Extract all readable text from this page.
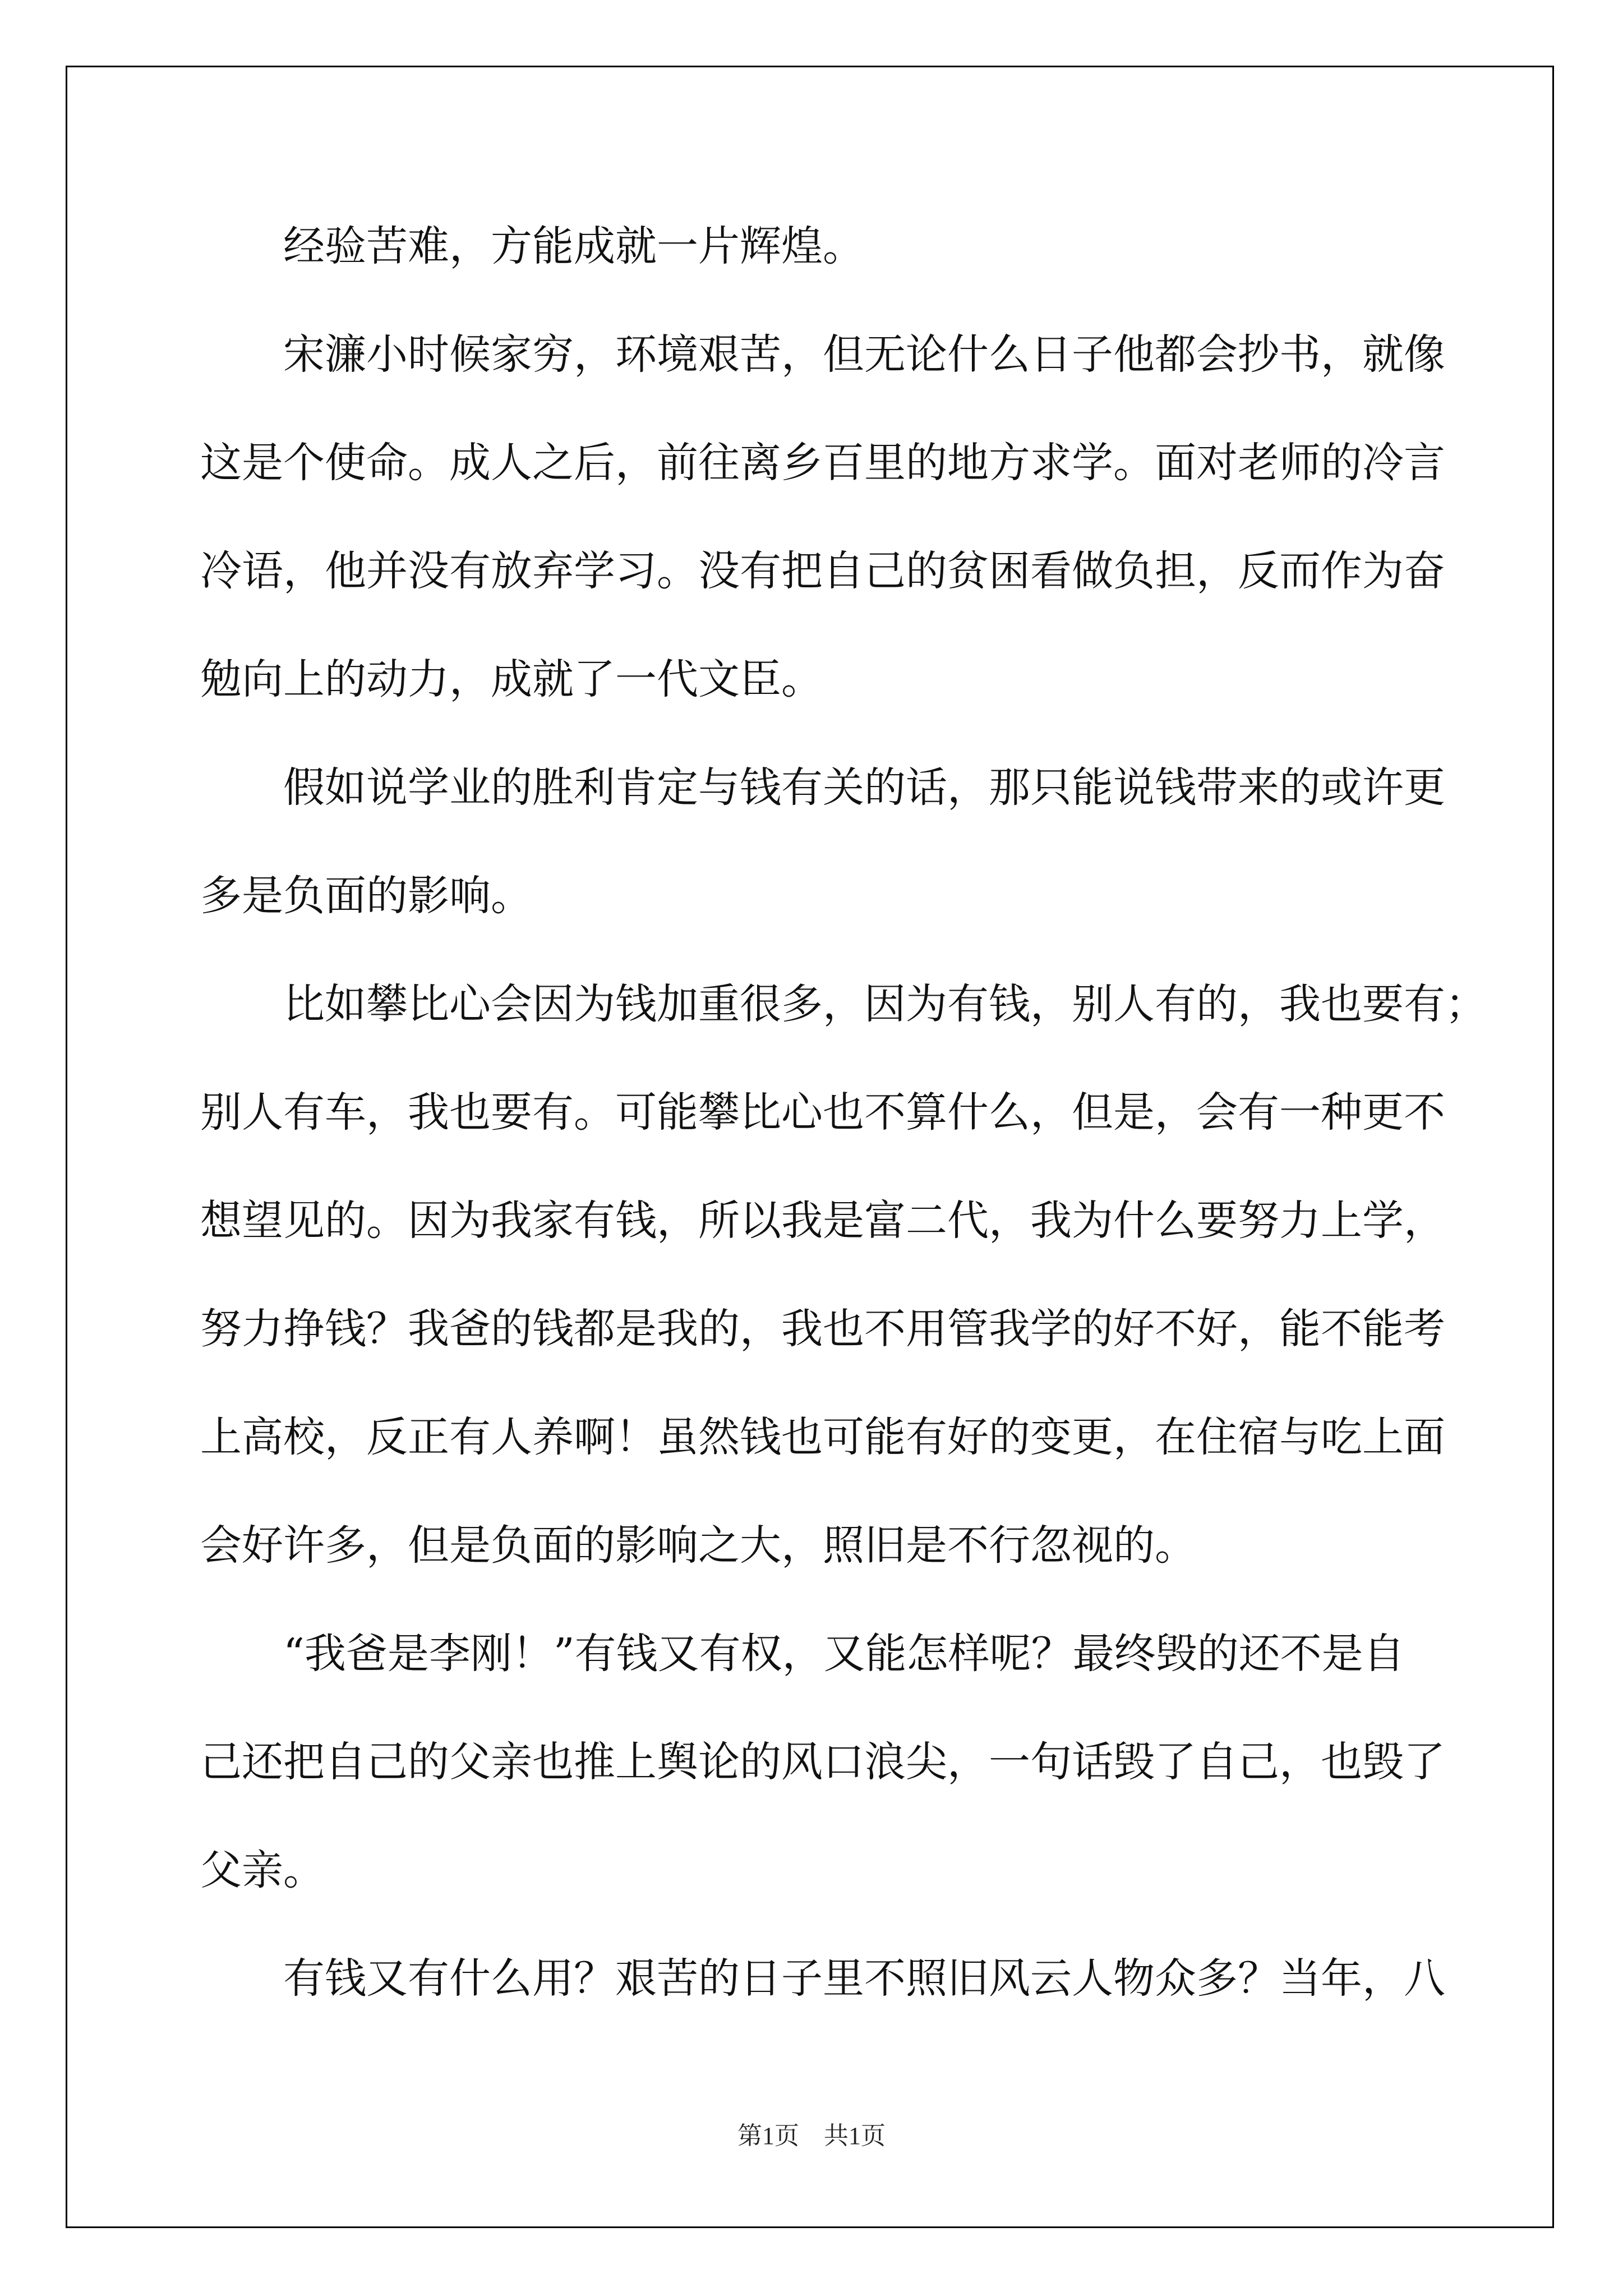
　　经验苦难，方能成就一片辉煌。
　　宋濂小时候家穷，环境艰苦，但无论什么日子他都会抄书，就像
这是个使命。成人之后，前往离乡百里的地方求学。面对老师的冷言
冷语，他并没有放弃学习。没有把自己的贫困看做负担，反而作为奋
勉向上的动力，成就了一代文臣。
　　假如说学业的胜利肯定与钱有关的话，那只能说钱带来的或许更
多是负面的影响。
　　比如攀比心会因为钱加重很多，因为有钱，别人有的，我也要有；
别人有车，我也要有。可能攀比心也不算什么，但是，会有一种更不
想望见的。因为我家有钱，所以我是富二代，我为什么要努力上学，
努力挣钱？我爸的钱都是我的，我也不用管我学的好不好，能不能考
上高校，反正有人养啊！虽然钱也可能有好的变更，在住宿与吃上面
会好许多，但是负面的影响之大，照旧是不行忽视的。
　　“我爸是李刚！”有钱又有权，又能怎样呢？最终毁的还不是自
己还把自己的父亲也推上舆论的风口浪尖，一句话毁了自己，也毁了
父亲。
　　有钱又有什么用？艰苦的日子里不照旧风云人物众多？当年，八
第1页　共1页
